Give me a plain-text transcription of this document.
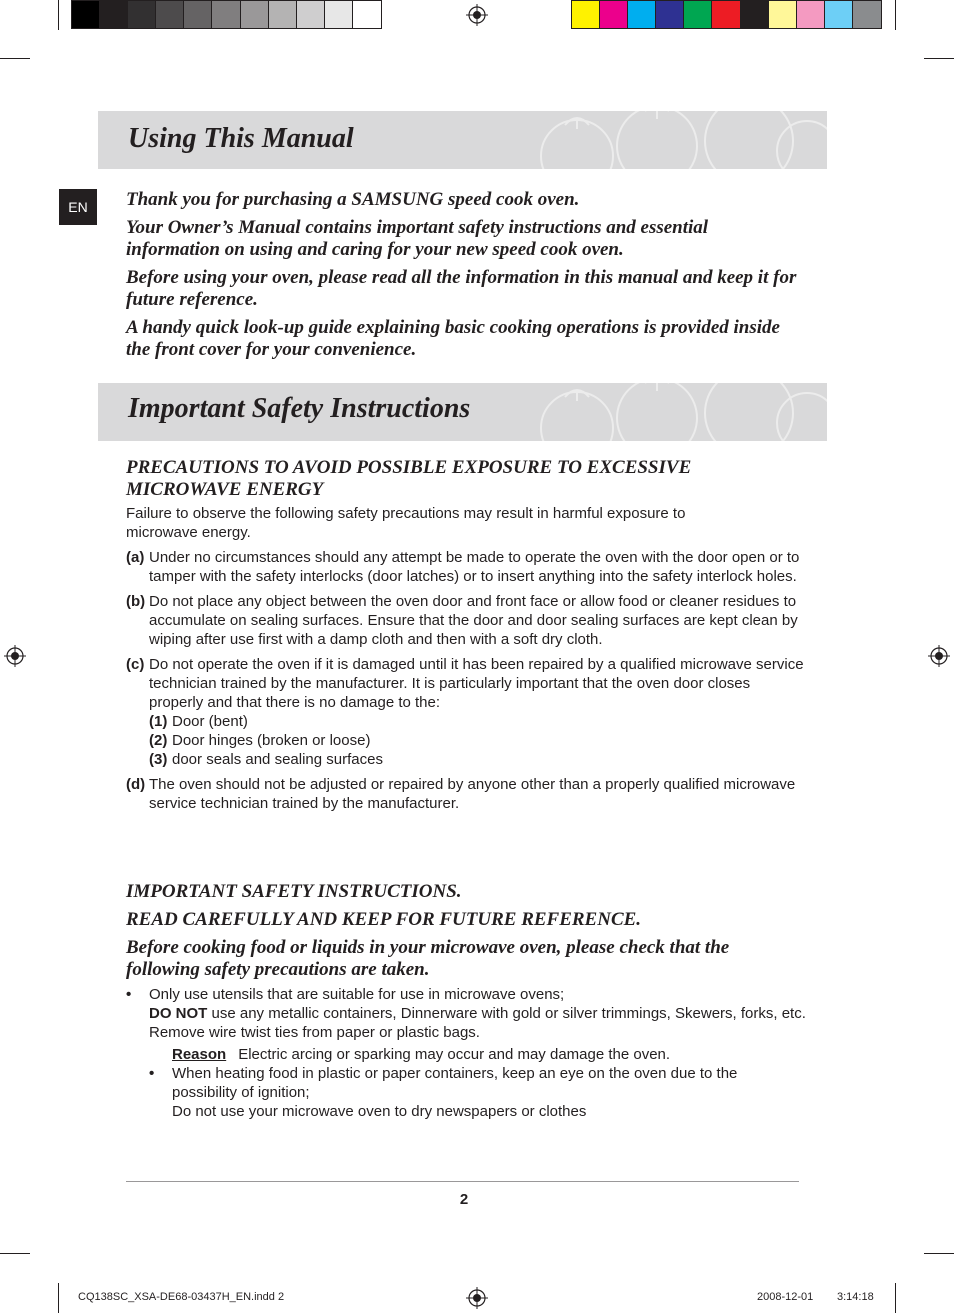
Using This Manual
EN	Thank you for purchasing a SAMSUNG speed cook oven.

Your Owner’s Manual contains important safety instructions and essential information on using and caring for your new speed cook oven.

Before using your oven, please read all the information in this manual and keep it for future reference.

A handy quick look-up guide explaining basic cooking operations is provided inside the front cover for your convenience.

Important Safety Instructions

PRECAUTIONS TO AVOID POSSIBLE EXPOSURE TO EXCESSIVE MICROWAVE ENERGY

Failure to observe the following safety precautions may result in harmful exposure to microwave energy.
(a) Under no circumstances should any attempt be made to operate the oven with the door open or to tamper with the safety interlocks (door latches) or to insert anything into the safety interlock holes.
(b) Do not place any object between the oven door and front face or allow food or cleaner residues to accumulate on sealing surfaces. Ensure that the door and door sealing surfaces are kept clean by wiping after use first with a damp cloth and then with a soft dry cloth.
(c) Do not operate the oven if it is damaged until it has been repaired by a qualified microwave service technician trained by the manufacturer. It is particularly important that the oven door closes properly and that there is no damage to the:
(1) Door (bent)
(2) Door hinges (broken or loose)
(3) door seals and sealing surfaces
(d) The oven should not be adjusted or repaired by anyone other than a properly qualified microwave service technician trained by the manufacturer.

IMPORTANT SAFETY INSTRUCTIONS.

READ CAREFULLY AND KEEP FOR FUTURE REFERENCE.

Before cooking food or liquids in your microwave oven, please check that the following safety precautions are taken.

•	Only use utensils that are suitable for use in microwave ovens;
DO NOT use any metallic containers, Dinnerware with gold or silver trimmings, Skewers, forks, etc.
Remove wire twist ties from paper or plastic bags.
Reason Electric arcing or sparking may occur and may damage the oven.
•	When heating food in plastic or paper containers, keep an eye on the oven due to the possibility of ignition;
Do not use your microwave oven to dry newspapers or clothes
2
CQ138SC_XSA-DE68-03437H_EN.indd 2	2008-12-01 3:14:18
